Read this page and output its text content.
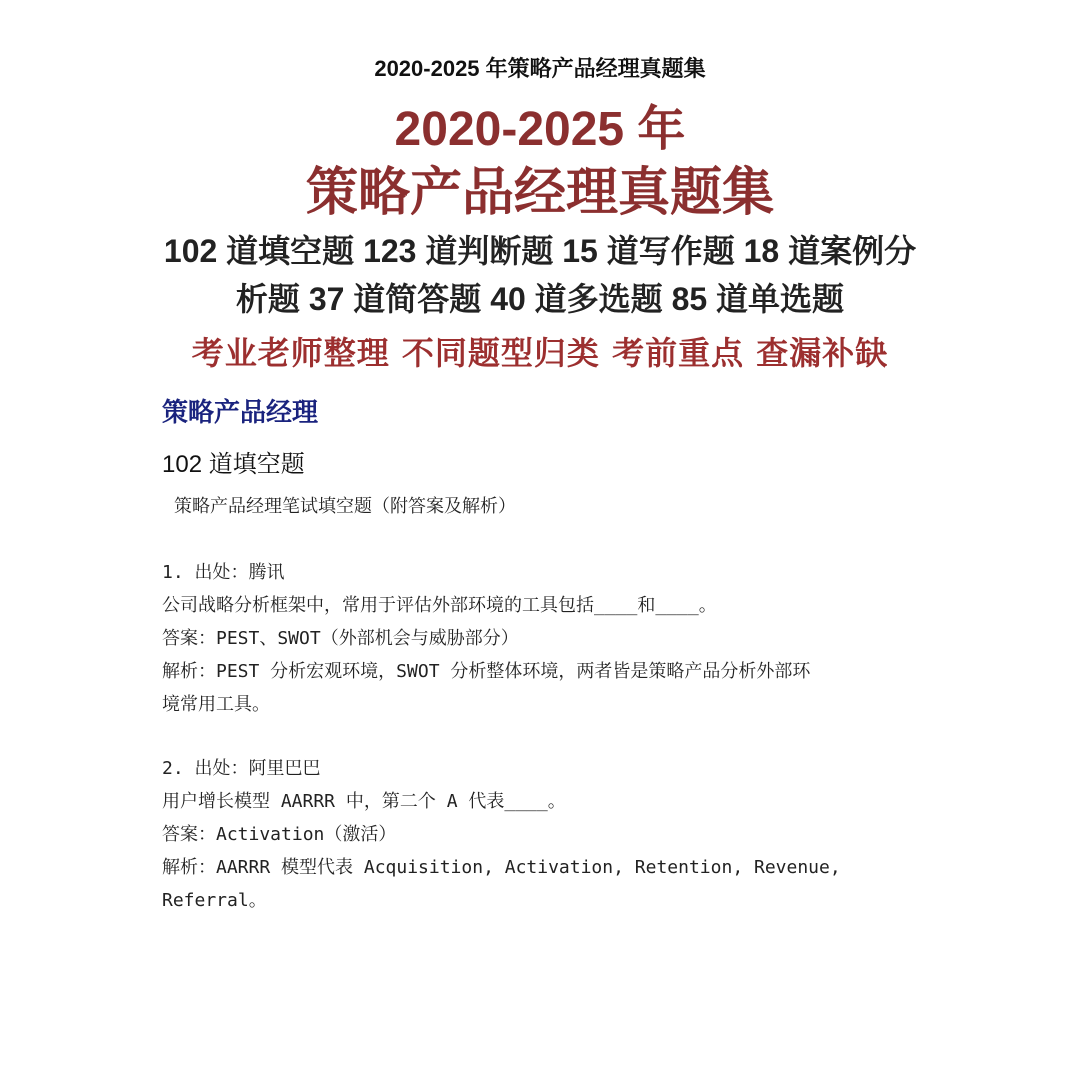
2020-2025 年策略产品经理真题集
2020-2025 年
策略产品经理真题集
102 道填空题 123 道判断题 15 道写作题 18 道案例分
析题 37 道简答题 40 道多选题 85 道单选题
考业老师整理 不同题型归类 考前重点 查漏补缺
策略产品经理
102 道填空题
策略产品经理笔试填空题（附答案及解析）
1. 出处：腾讯
公司战略分析框架中，常用于评估外部环境的工具包括____和____。
答案：PEST、SWOT（外部机会与威胁部分）
解析：PEST 分析宏观环境，SWOT 分析整体环境，两者皆是策略产品分析外部环
境常用工具。
2. 出处：阿里巴巴
用户增长模型 AARRR 中，第二个 A 代表____。
答案：Activation（激活）
解析：AARRR 模型代表 Acquisition, Activation, Retention, Revenue,
Referral。
